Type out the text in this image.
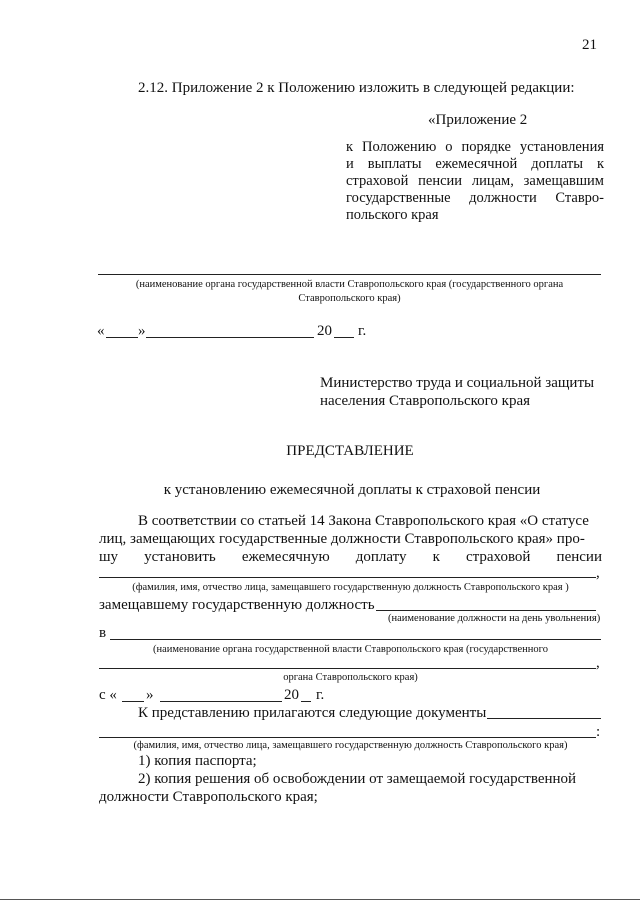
21
2.12. Приложение 2 к Положению изложить в следующей редакции:
«Приложение 2
к Положению о порядке установления
и выплаты ежемесячной доплаты к
страховой пенсии лицам, замещавшим
государственные должности Ставро-
польского края
(наименование органа государственной власти Ставропольского края (государственного органа
Ставропольского края)
« »	20 г.
Министерство труда и социальной защиты
населения Ставропольского края
ПРЕДСТАВЛЕНИЕ
к установлению ежемесячной доплаты к страховой пенсии
В соответствии со статьей 14 Закона Ставропольского края «О статусе
лиц, замещающих государственные должности Ставропольского края» про-
шу установить ежемесячную доплату к страховой пенсии
,
(фамилия, имя, отчество лица, замещавшего государственную должность Ставропольского края )
замещавшему государственную должность
(наименование должности на день увольнения)
в
(наименование органа государственной власти Ставропольского края (государственного
,
органа Ставропольского края)
с « »	20 г.
К представлению прилагаются следующие документы
:
(фамилия, имя, отчество лица, замещавшего государственную должность Ставропольского края)
1) копия паспорта;
2) копия решения об освобождении от замещаемой государственной
должности Ставропольского края;
